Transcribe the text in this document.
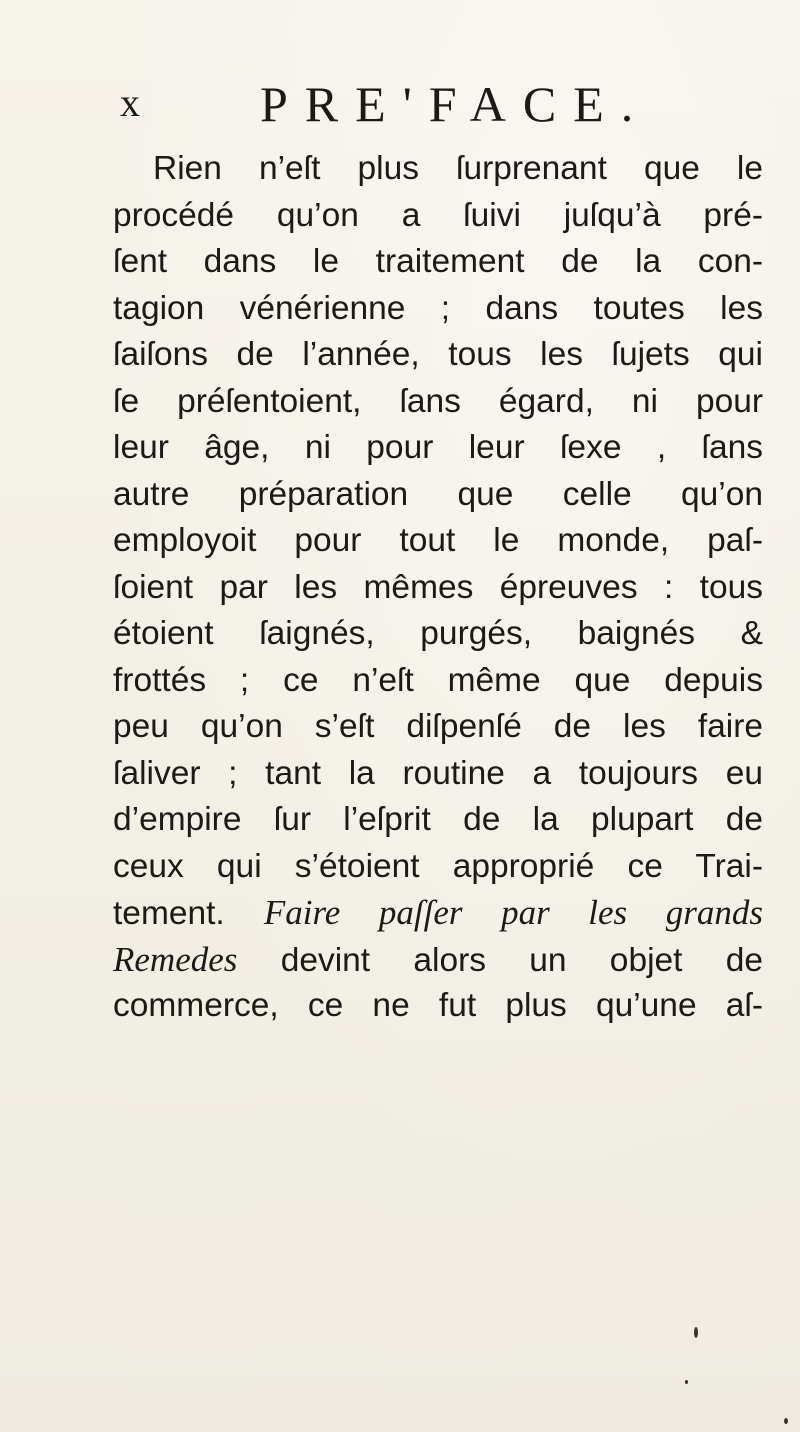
x PRE'FACE.
Rien n’eſt plus ſurprenant que le
procédé qu’on a ſuivi juſqu’à pré-
ſent dans le traitement de la con-
tagion vénérienne ; dans toutes les
ſaiſons de l’année, tous les ſujets qui
ſe préſentoient, ſans égard, ni pour
leur âge, ni pour leur ſexe , ſans
autre préparation que celle qu’on
employoit pour tout le monde, paſ-
ſoient par les mêmes épreuves : tous
étoient ſaignés, purgés, baignés &
frottés ; ce n’eſt même que depuis
peu qu’on s’eſt diſpenſé de les faire
ſaliver ; tant la routine a toujours eu
d’empire ſur l’eſprit de la plupart de
ceux qui s’étoient approprié ce Trai-
tement. Faire paſſer par les grands
Remedes devint alors un objet de
commerce, ce ne fut plus qu’une aſ-
